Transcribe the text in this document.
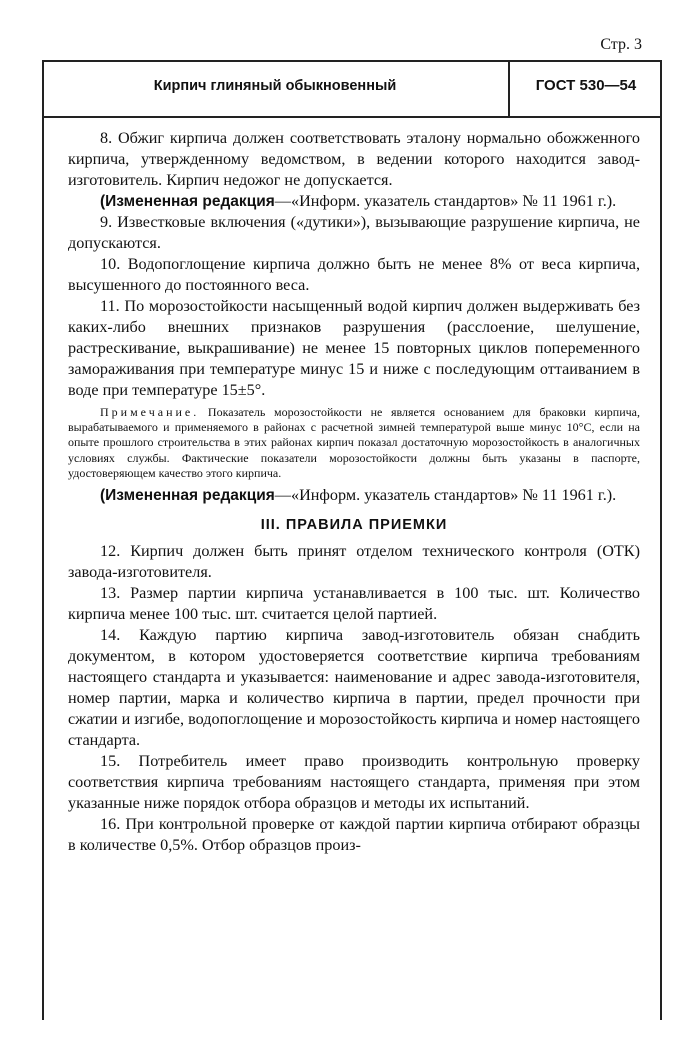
Стр. 3
Кирпич глиняный обыкновенный	ГОСТ 530—54

8. Обжиг кирпича должен соответствовать эталону нормально обожженного кирпича, утвержденному ведомством, в ведении которого находится завод-изготовитель. Кирпич недожог не допускается.

(Измененная редакция—«Информ. указатель стандартов» № 11 1961 г.).

9. Известковые включения («дутики»), вызывающие разрушение кирпича, не допускаются.

10. Водопоглощение кирпича должно быть не менее 8% от веса кирпича, высушенного до постоянного веса.

11. По морозостойкости насыщенный водой кирпич должен выдерживать без каких-либо внешних признаков разрушения (расслоение, шелушение, растрескивание, выкрашивание) не менее 15 повторных циклов попеременного замораживания при температуре минус 15 и ниже с последующим оттаиванием в воде при температуре 15±5°.

Примечание. Показатель морозостойкости не является основанием для браковки кирпича, вырабатываемого и применяемого в районах с расчетной зимней температурой выше минус 10°С, если на опыте прошлого строительства в этих районах кирпич показал достаточную морозостойкость в аналогичных условиях службы. Фактические показатели морозостойкости должны быть указаны в паспорте, удостоверяющем качество этого кирпича.

(Измененная редакция—«Информ. указатель стандартов» № 11 1961 г.).

III. ПРАВИЛА ПРИЕМКИ

12. Кирпич должен быть принят отделом технического контроля (ОТК) завода-изготовителя.

13. Размер партии кирпича устанавливается в 100 тыс. шт. Количество кирпича менее 100 тыс. шт. считается целой партией.

14. Каждую партию кирпича завод-изготовитель обязан снабдить документом, в котором удостоверяется соответствие кирпича требованиям настоящего стандарта и указывается: наименование и адрес завода-изготовителя, номер партии, марка и количество кирпича в партии, предел прочности при сжатии и изгибе, водопоглощение и морозостойкость кирпича и номер настоящего стандарта.

15. Потребитель имеет право производить контрольную проверку соответствия кирпича требованиям настоящего стандарта, применяя при этом указанные ниже порядок отбора образцов и методы их испытаний.

16. При контрольной проверке от каждой партии кирпича отбирают образцы в количестве 0,5%. Отбор образцов произ-
